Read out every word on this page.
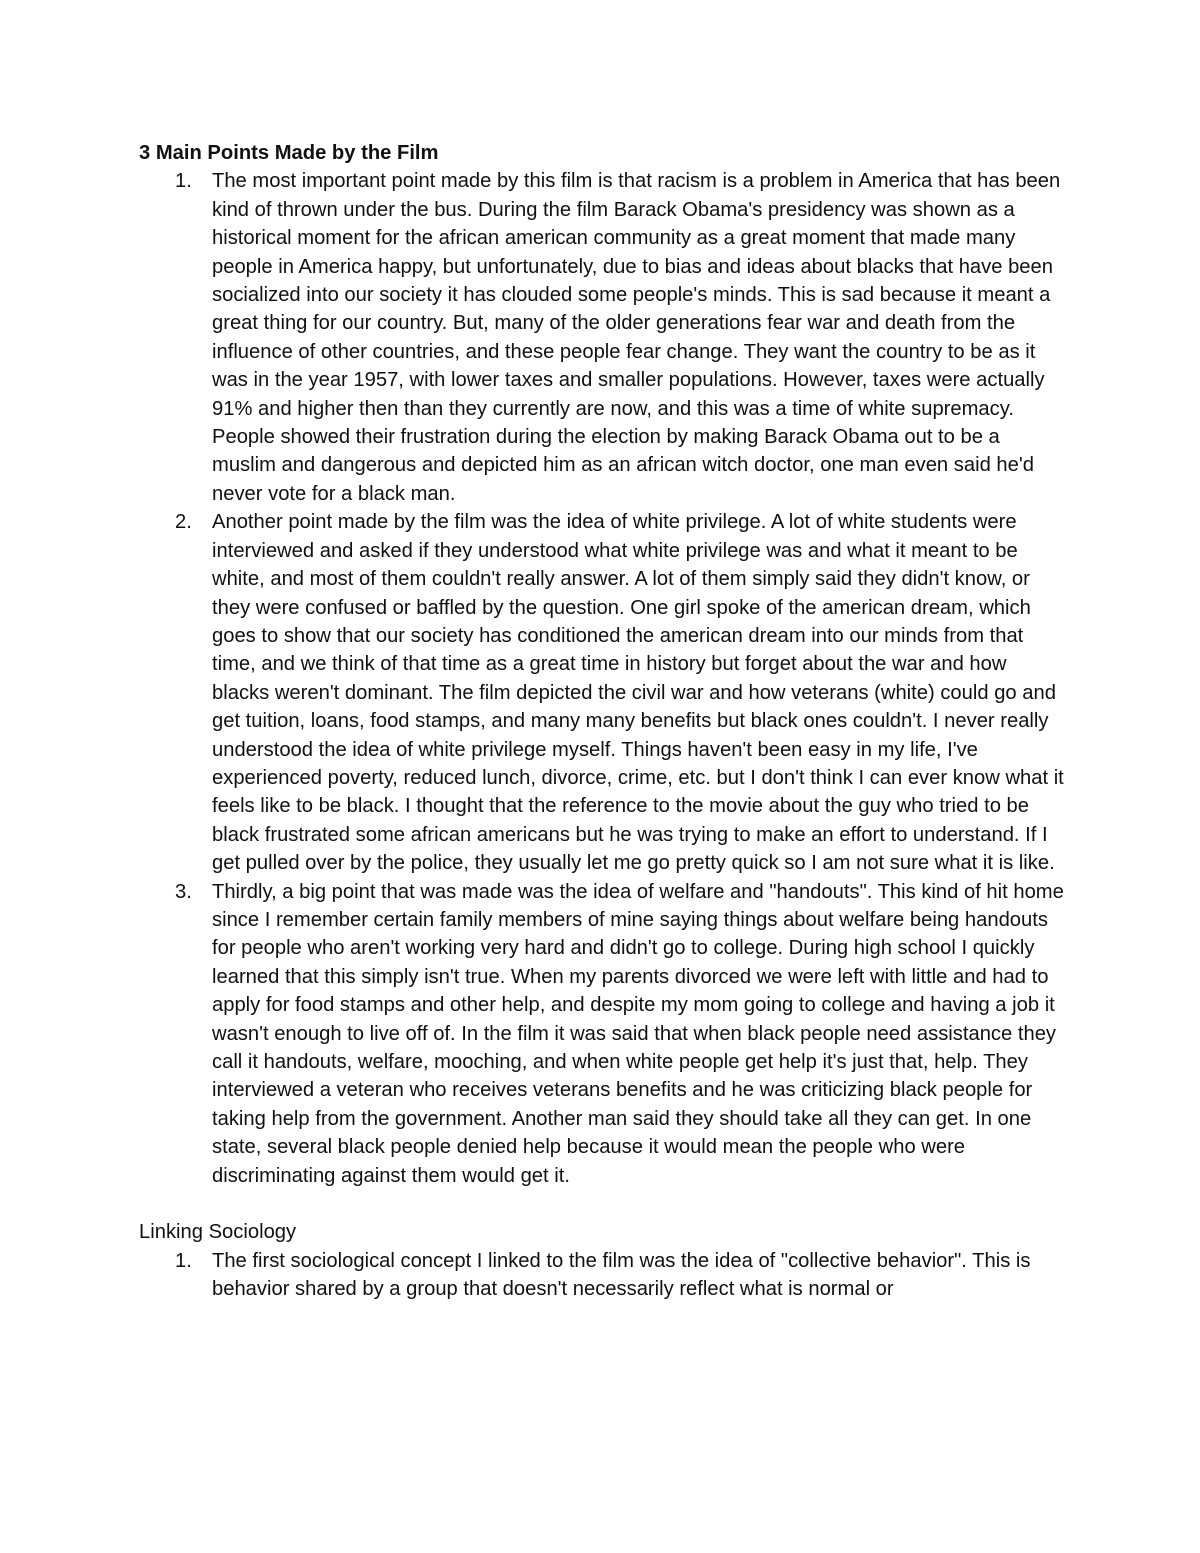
3 Main Points Made by the Film
1. The most important point made by this film is that racism is a problem in America that has been kind of thrown under the bus. During the film Barack Obama's presidency was shown as a historical moment for the african american community as a great moment that made many people in America happy, but unfortunately, due to bias and ideas about blacks that have been socialized into our society it has clouded some people's minds. This is sad because it meant a great thing for our country. But, many of the older generations fear war and death from the influence of other countries, and these people fear change. They want the country to be as it was in the year 1957, with lower taxes and smaller populations. However, taxes were actually 91% and higher then than they currently are now, and this was a time of white supremacy. People showed their frustration during the election by making Barack Obama out to be a muslim and dangerous and depicted him as an african witch doctor, one man even said he'd never vote for a black man.
2. Another point made by the film was the idea of white privilege. A lot of white students were interviewed and asked if they understood what white privilege was and what it meant to be white, and most of them couldn't really answer. A lot of them simply said they didn't know, or they were confused or baffled by the question. One girl spoke of the american dream, which goes to show that our society has conditioned the american dream into our minds from that time, and we think of that time as a great time in history but forget about the war and how blacks weren't dominant. The film depicted the civil war and how veterans (white) could go and get tuition, loans, food stamps, and many many benefits but black ones couldn't. I never really understood the idea of white privilege myself. Things haven't been easy in my life, I've experienced poverty, reduced lunch, divorce, crime, etc. but I don't think I can ever know what it feels like to be black. I thought that the reference to the movie about the guy who tried to be black frustrated some african americans but he was trying to make an effort to understand. If I get pulled over by the police, they usually let me go pretty quick so I am not sure what it is like.
3. Thirdly, a big point that was made was the idea of welfare and "handouts". This kind of hit home since I remember certain family members of mine saying things about welfare being handouts for people who aren't working very hard and didn't go to college. During high school I quickly learned that this simply isn't true. When my parents divorced we were left with little and had to apply for food stamps and other help, and despite my mom going to college and having a job it wasn't enough to live off of. In the film it was said that when black people need assistance they call it handouts, welfare, mooching, and when white people get help it's just that, help. They interviewed a veteran who receives veterans benefits and he was criticizing black people for taking help from the government. Another man said they should take all they can get. In one state, several black people denied help because it would mean the people who were discriminating against them would get it.
Linking Sociology
1. The first sociological concept I linked to the film was the idea of "collective behavior". This is behavior shared by a group that doesn't necessarily reflect what is normal or
